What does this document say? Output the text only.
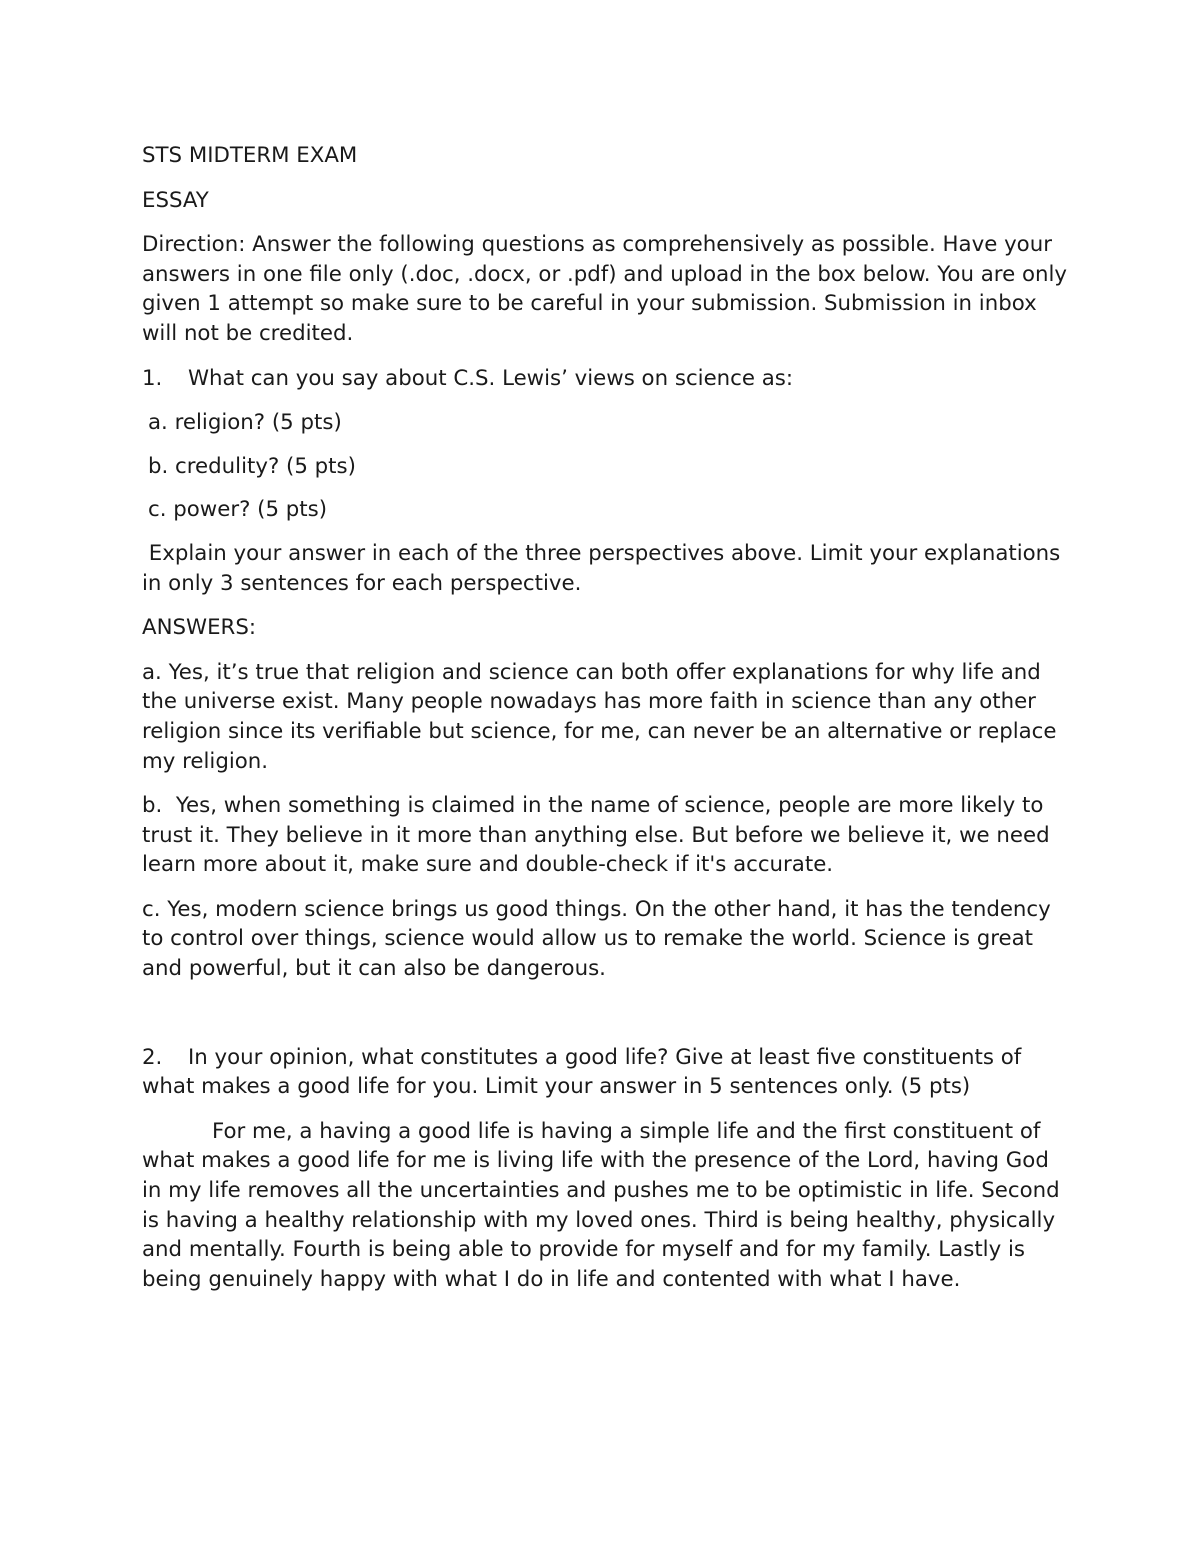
STS MIDTERM EXAM

ESSAY

Direction: Answer the following questions as comprehensively as possible. Have your answers in one file only (.doc, .docx, or .pdf) and upload in the box below. You are only given 1 attempt so make sure to be careful in your submission. Submission in inbox will not be credited.

1. What can you say about C.S. Lewis’ views on science as:

a. religion? (5 pts)

b. credulity? (5 pts)

c. power? (5 pts)

Explain your answer in each of the three perspectives above. Limit your explanations in only 3 sentences for each perspective.

ANSWERS:

a. Yes, it’s true that religion and science can both offer explanations for why life and the universe exist. Many people nowadays has more faith in science than any other religion since its verifiable but science, for me, can never be an alternative or replace my religion.

b.  Yes, when something is claimed in the name of science, people are more likely to trust it. They believe in it more than anything else. But before we believe it, we need learn more about it, make sure and double-check if it's accurate.

c. Yes, modern science brings us good things. On the other hand, it has the tendency to control over things, science would allow us to remake the world. Science is great and powerful, but it can also be dangerous.

2. In your opinion, what constitutes a good life? Give at least five constituents of what makes a good life for you. Limit your answer in 5 sentences only. (5 pts)

For me, a having a good life is having a simple life and the first constituent of what makes a good life for me is living life with the presence of the Lord, having God in my life removes all the uncertainties and pushes me to be optimistic in life. Second is having a healthy relationship with my loved ones. Third is being healthy, physically and mentally. Fourth is being able to provide for myself and for my family. Lastly is being genuinely happy with what I do in life and contented with what I have.
